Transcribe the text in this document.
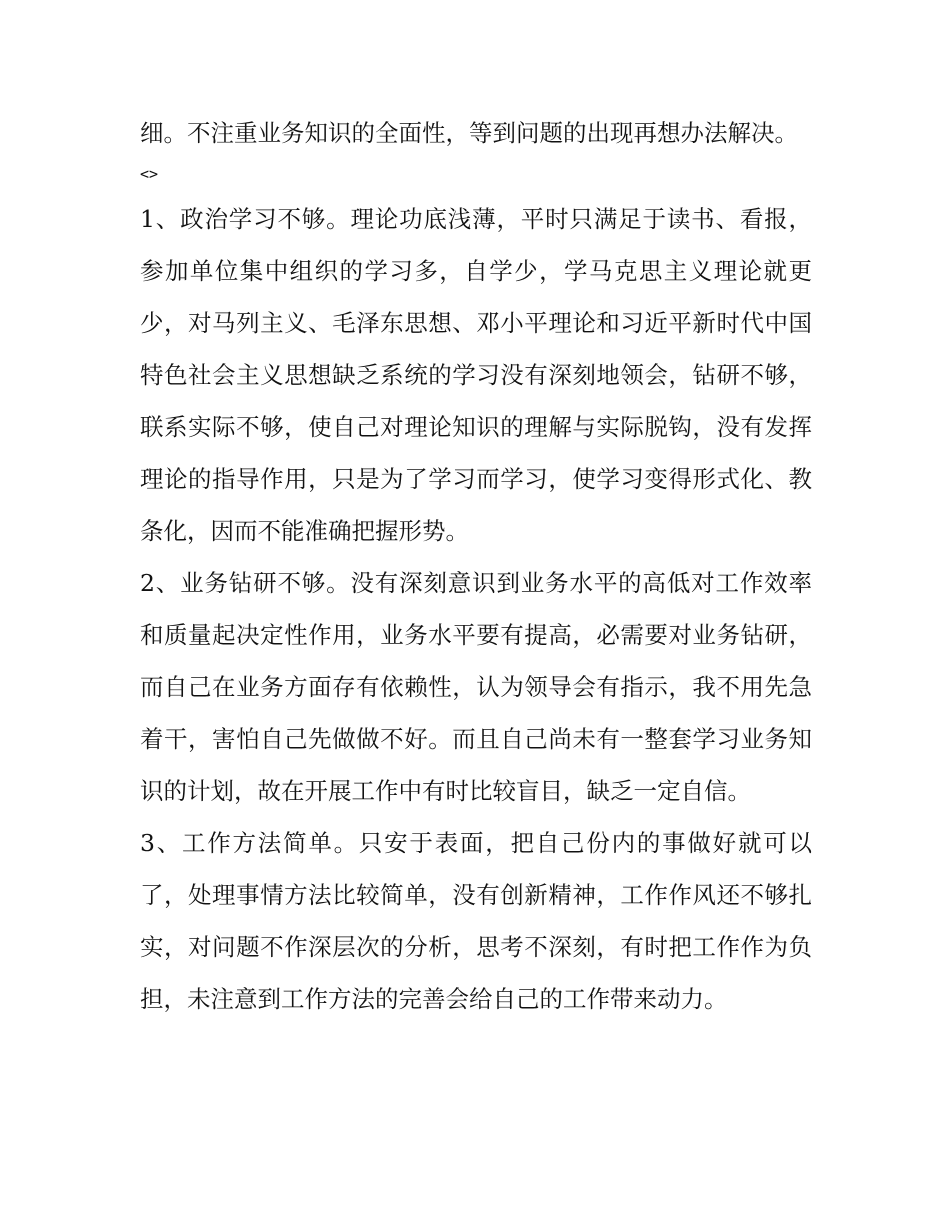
细。不注重业务知识的全面性，等到问题的出现再想办法解决。

<>

1、政治学习不够。理论功底浅薄，平时只满足于读书、看报，参加单位集中组织的学习多，自学少，学马克思主义理论就更少，对马列主义、毛泽东思想、邓小平理论和习近平新时代中国特色社会主义思想缺乏系统的学习没有深刻地领会，钻研不够，联系实际不够，使自己对理论知识的理解与实际脱钩，没有发挥理论的指导作用，只是为了学习而学习，使学习变得形式化、教条化，因而不能准确把握形势。

2、业务钻研不够。没有深刻意识到业务水平的高低对工作效率和质量起决定性作用，业务水平要有提高，必需要对业务钻研，而自己在业务方面存有依赖性，认为领导会有指示，我不用先急着干，害怕自己先做做不好。而且自己尚未有一整套学习业务知识的计划，故在开展工作中有时比较盲目，缺乏一定自信。

3、工作方法简单。只安于表面，把自己份内的事做好就可以了，处理事情方法比较简单，没有创新精神，工作作风还不够扎实，对问题不作深层次的分析，思考不深刻，有时把工作作为负担，未注意到工作方法的完善会给自己的工作带来动力。
